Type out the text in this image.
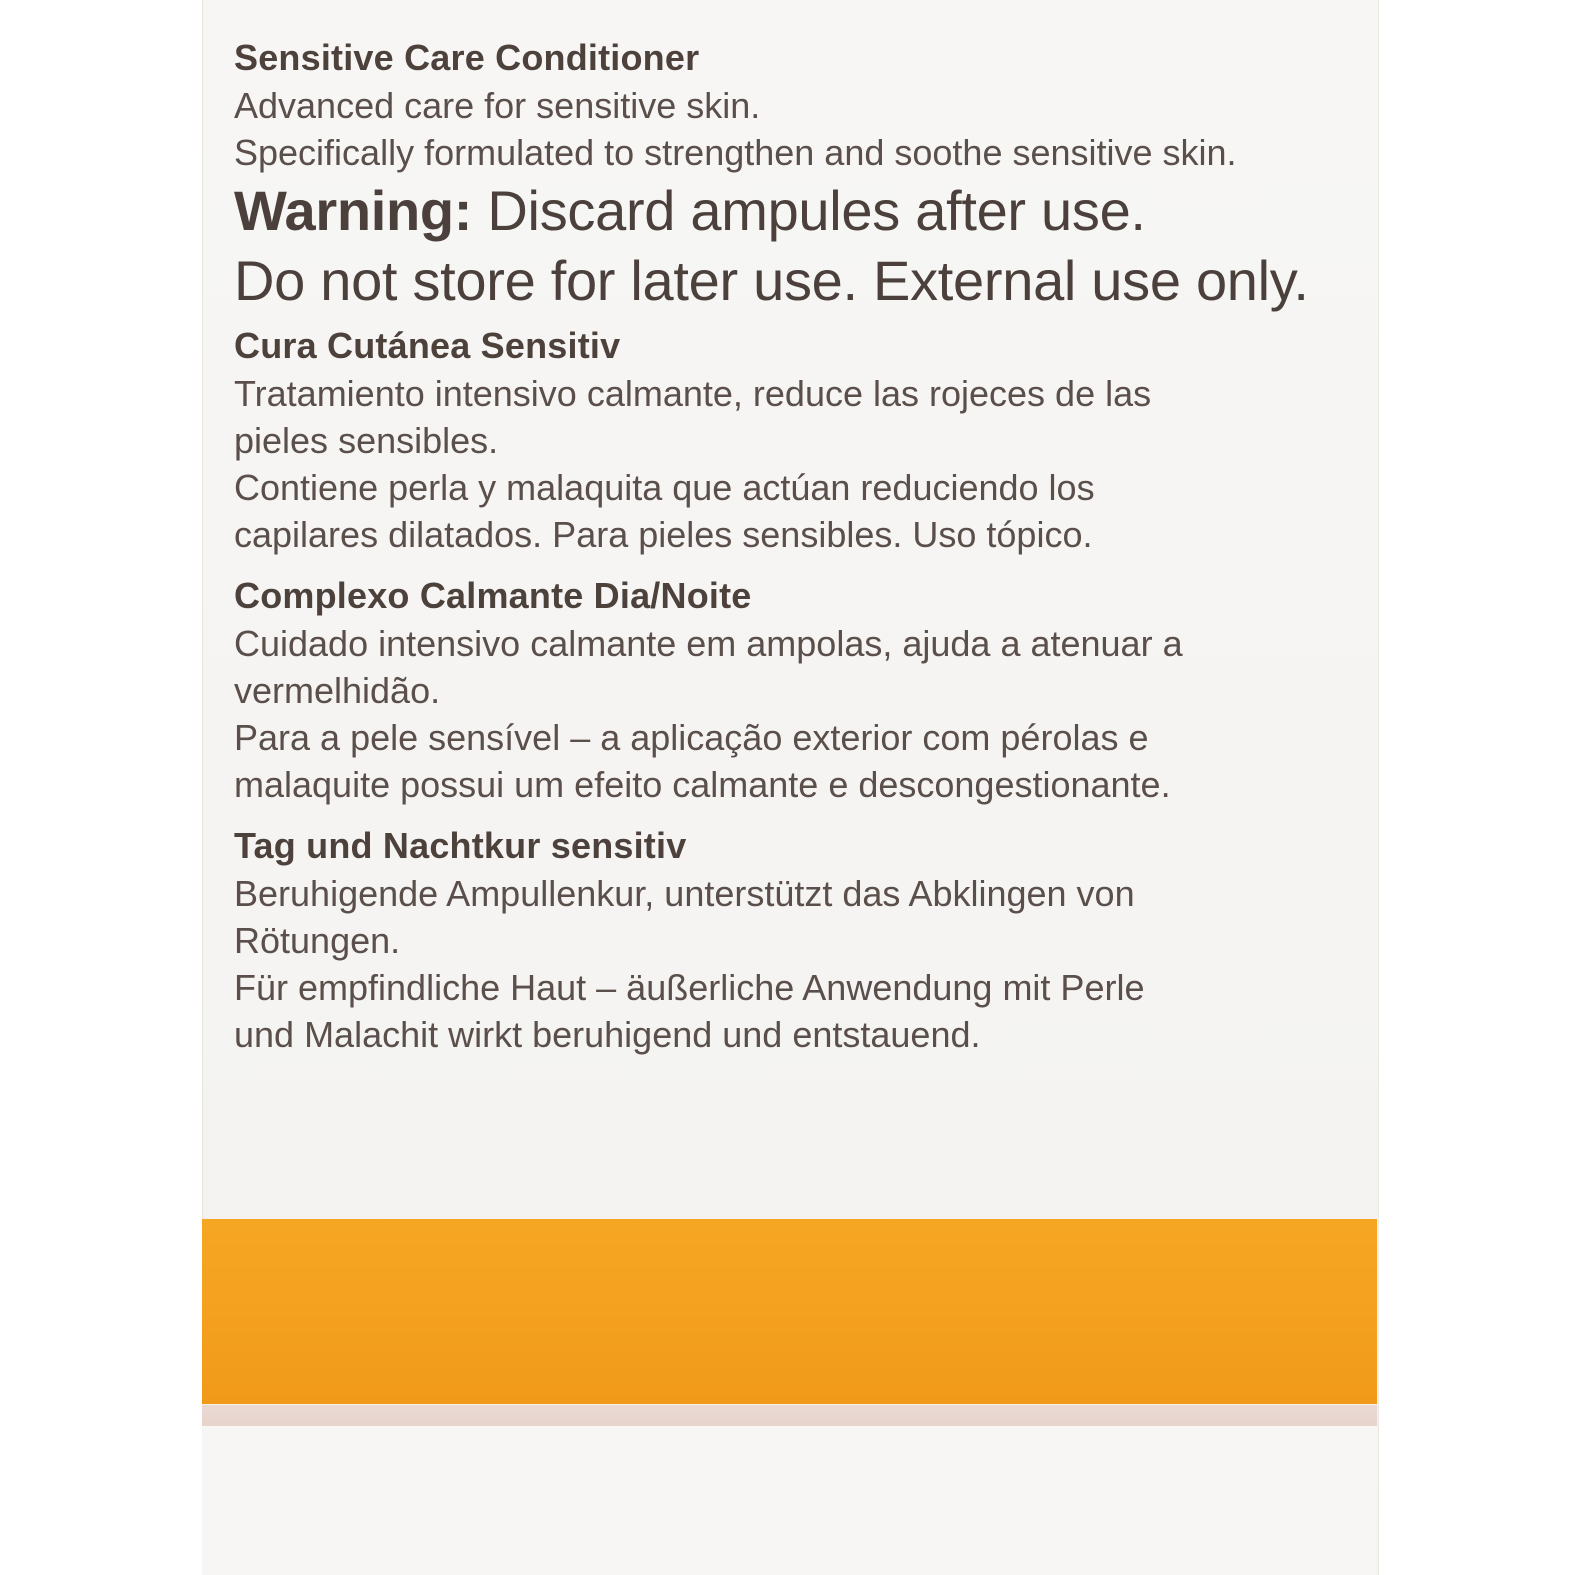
Sensitive Care Conditioner

Advanced care for sensitive skin.

Specifically formulated to strengthen and soothe sensitive skin.

Warning: Discard ampules after use.

Do not store for later use. External use only.

Cura Cutánea Sensitiv

Tratamiento intensivo calmante, reduce las rojeces de las

pieles sensibles.

Contiene perla y malaquita que actúan reduciendo los

capilares dilatados. Para pieles sensibles. Uso tópico.

Complexo Calmante Dia/Noite

Cuidado intensivo calmante em ampolas, ajuda a atenuar a

vermelhidão.

Para a pele sensível – a aplicação exterior com pérolas e

malaquite possui um efeito calmante e descongestionante.

Tag und Nachtkur sensitiv

Beruhigende Ampullenkur, unterstützt das Abklingen von

Rötungen.

Für empfindliche Haut – äußerliche Anwendung mit Perle

und Malachit wirkt beruhigend und entstauend.
